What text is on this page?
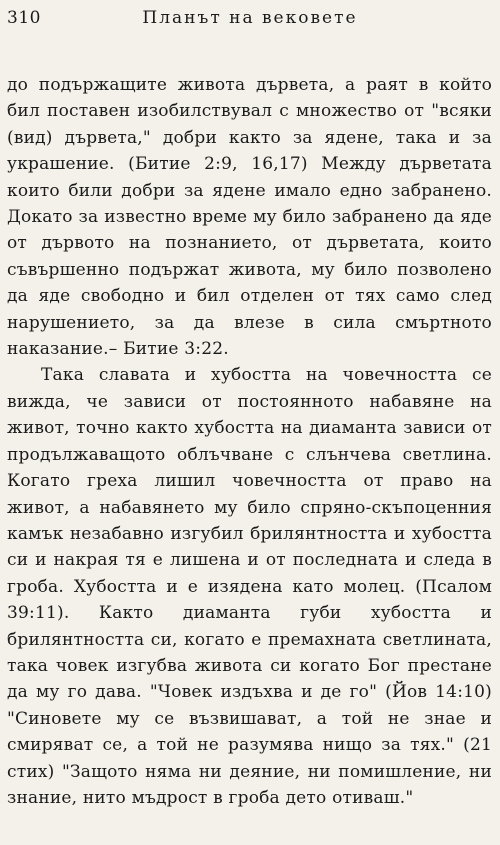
310	Планът на вековете

до подържащите живота дървета, а раят в който бил поставен изобилствувал с множество от "всяки (вид) дървета," добри както за ядене, така и за украшение. (Битие 2:9, 16,17) Между дърветата които били добри за ядене имало едно забранено. Докато за известно време му било забранено да яде от дървото на познанието, от дърветата, които съвършенно подържат живота, му било позволено да яде свободно и бил отделен от тях само след нарушението, за да влезе в сила смъртното наказание.– Битие 3:22.

Така славата и хубостта на човечността се вижда, че зависи от постоянното набавяне на живот, точно както хубостта на диаманта зависи от продължаващото облъчване с слънчева светлина. Когато греха лишил човечността от право на живот, а набавянето му било спряно-скъпоценния камък незабавно изгубил брилянтността и хубостта си и накрая тя е лишена и от последната и следа в гроба. Хубостта и е изядена като молец. (Псалом 39:11). Както диаманта губи хубостта и брилянтността си, когато е премахната светлината, така човек изгубва живота си когато Бог престане да му го дава. "Човек издъхва и де го" (Йов 14:10) "Синовете му се възвишават, а той не знае и смиряват се, а той не разумява нищо за тях." (21 стих) "Защото няма ни деяние, ни помишление, ни знание, нито мъдрост в гроба дето отиваш."
